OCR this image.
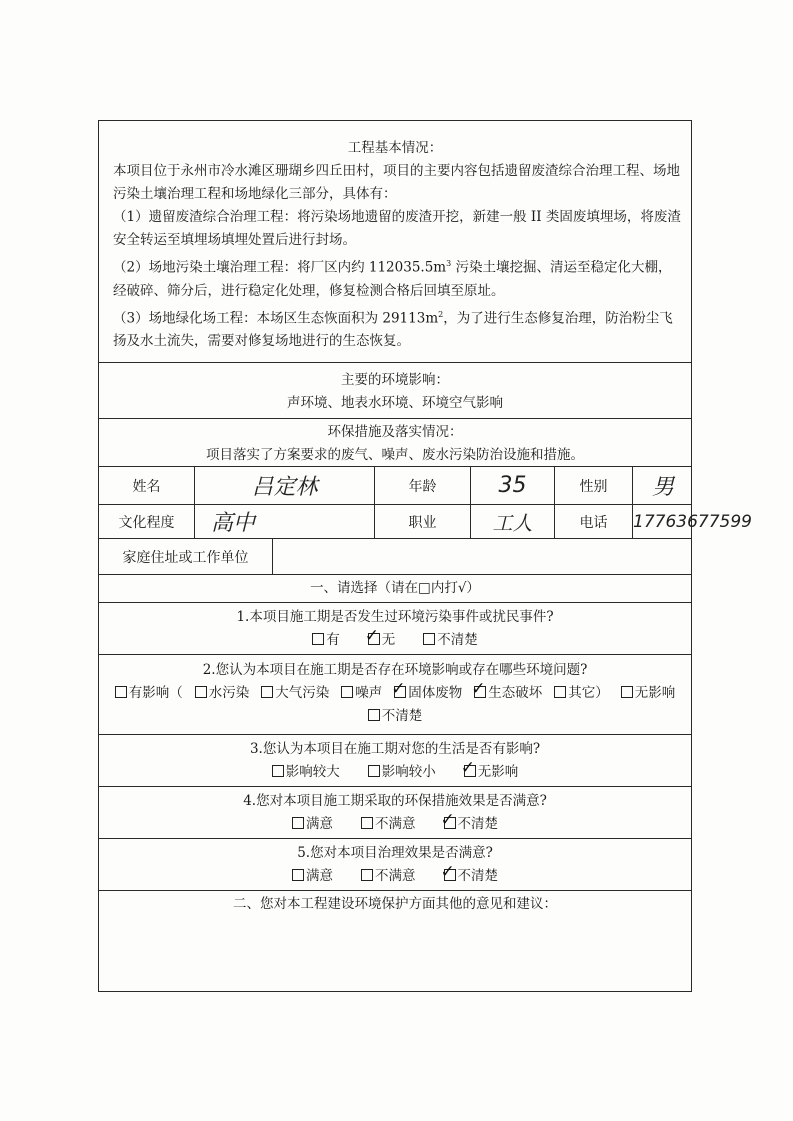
工程基本情况：

本项目位于永州市冷水滩区珊瑚乡四丘田村，项目的主要内容包括遗留废渣综合治理工程、场地污染土壤治理工程和场地绿化三部分，具体有：

（1）遗留废渣综合治理工程：将污染场地遗留的废渣开挖，新建一般 II 类固废填埋场，将废渣安全转运至填埋场填埋处置后进行封场。

（2）场地污染土壤治理工程：将厂区内约 $112035.5m^3$ 污染土壤挖掘、清运至稳定化大棚，经破碎、筛分后，进行稳定化处理，修复检测合格后回填至原址。

（3）场地绿化场工程：本场区生态恢面积为 $29113m^2$，为了进行生态修复治理，防治粉尘飞扬及水土流失，需要对修复场地进行的生态恢复。

主要的环境影响：
声环境、地表水环境、环境空气影响
环保措施及落实情况：
项目落实了方案要求的废气、噪声、废水污染防治设施和措施。
姓名	吕定林	年龄	35	性别	男
文化程度	高中	职业	工人	电话	17763677599
家庭住址或工作单位
一、请选择（请在□内打√）
1.本项目施工期是否发生过环境污染事件或扰民事件?
有 ✓ 无	不清楚
2.您认为本项目在施工期是否存在环境影响或存在哪些环境问题?
有影响（	水污染	大气污染	噪声 ✓ 固体废物 ✓ 生态破坏	其它）	无影响
不清楚
3.您认为本项目在施工期对您的生活是否有影响?
影响较大	影响较小 ✓ 无影响
4.您对本项目施工期采取的环保措施效果是否满意?
满意	不满意 ✓ 不清楚
5.您对本项目治理效果是否满意?
满意	不满意 ✓ 不清楚
二、您对本工程建设环境保护方面其他的意见和建议：
